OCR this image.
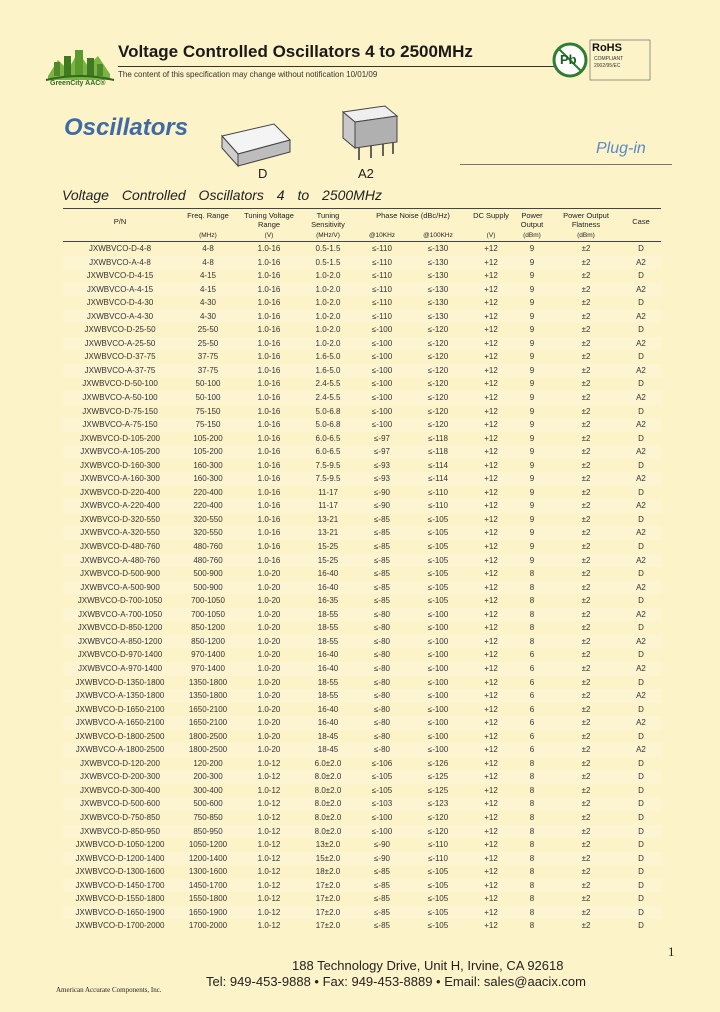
GreenCity AAC®
Voltage Controlled Oscillators 4 to 2500MHz
The content of this specification may change without notification 10/01/09
Pb
RoHS
COMPLIANT
2002/95/EC
Oscillators
D	A2
Plug-in
Voltage Controlled Oscillators 4 to 2500MHz
P/N
Freq. Range	Tuning Voltage Range
Tuning Sensitivity
Phase Noise (dBc/Hz)	DC Supply	Power Output
Power Output Flatness	Case
(MHz)	(V)	(MHz/V)	@10KHz	@100KHz	(V)	(dBm)	(dBm)
JXWBVCO-D-4-8	4-8	1.0-16	0.5-1.5	≤-110	≤-130	+12	9	±2	D
JXWBVCO-A-4-8	4-8	1.0-16	0.5-1.5	≤-110	≤-130	+12	9	±2	A2
JXWBVCO-D-4-15	4-15	1.0-16	1.0-2.0	≤-110	≤-130	+12	9	±2	D
JXWBVCO-A-4-15	4-15	1.0-16	1.0-2.0	≤-110	≤-130	+12	9	±2	A2
JXWBVCO-D-4-30	4-30	1.0-16	1.0-2.0	≤-110	≤-130	+12	9	±2	D
JXWBVCO-A-4-30	4-30	1.0-16	1.0-2.0	≤-110	≤-130	+12	9	±2	A2
JXWBVCO-D-25-50	25-50	1.0-16	1.0-2.0	≤-100	≤-120	+12	9	±2	D
JXWBVCO-A-25-50	25-50	1.0-16	1.0-2.0	≤-100	≤-120	+12	9	±2	A2
JXWBVCO-D-37-75	37-75	1.0-16	1.6-5.0	≤-100	≤-120	+12	9	±2	D
JXWBVCO-A-37-75	37-75	1.0-16	1.6-5.0	≤-100	≤-120	+12	9	±2	A2
JXWBVCO-D-50-100	50-100	1.0-16	2.4-5.5	≤-100	≤-120	+12	9	±2	D
JXWBVCO-A-50-100	50-100	1.0-16	2.4-5.5	≤-100	≤-120	+12	9	±2	A2
JXWBVCO-D-75-150	75-150	1.0-16	5.0-6.8	≤-100	≤-120	+12	9	±2	D
JXWBVCO-A-75-150	75-150	1.0-16	5.0-6.8	≤-100	≤-120	+12	9	±2	A2
JXWBVCO-D-105-200	105-200	1.0-16	6.0-6.5	≤-97	≤-118	+12	9	±2	D
JXWBVCO-A-105-200	105-200	1.0-16	6.0-6.5	≤-97	≤-118	+12	9	±2	A2
JXWBVCO-D-160-300	160-300	1.0-16	7.5-9.5	≤-93	≤-114	+12	9	±2	D
JXWBVCO-A-160-300	160-300	1.0-16	7.5-9.5	≤-93	≤-114	+12	9	±2	A2
JXWBVCO-D-220-400	220-400	1.0-16	11-17	≤-90	≤-110	+12	9	±2	D
JXWBVCO-A-220-400	220-400	1.0-16	11-17	≤-90	≤-110	+12	9	±2	A2
JXWBVCO-D-320-550	320-550	1.0-16	13-21	≤-85	≤-105	+12	9	±2	D
JXWBVCO-A-320-550	320-550	1.0-16	13-21	≤-85	≤-105	+12	9	±2	A2
JXWBVCO-D-480-760	480-760	1.0-16	15-25	≤-85	≤-105	+12	9	±2	D
JXWBVCO-A-480-760	480-760	1.0-16	15-25	≤-85	≤-105	+12	9	±2	A2
JXWBVCO-D-500-900	500-900	1.0-20	16-40	≤-85	≤-105	+12	8	±2	D
JXWBVCO-A-500-900	500-900	1.0-20	16-40	≤-85	≤-105	+12	8	±2	A2
JXWBVCO-D-700-1050	700-1050	1.0-20	16-35	≤-85	≤-105	+12	8	±2	D
JXWBVCO-A-700-1050	700-1050	1.0-20	18-55	≤-80	≤-100	+12	8	±2	A2
JXWBVCO-D-850-1200	850-1200	1.0-20	18-55	≤-80	≤-100	+12	8	±2	D
JXWBVCO-A-850-1200	850-1200	1.0-20	18-55	≤-80	≤-100	+12	8	±2	A2
JXWBVCO-D-970-1400	970-1400	1.0-20	16-40	≤-80	≤-100	+12	6	±2	D
JXWBVCO-A-970-1400	970-1400	1.0-20	16-40	≤-80	≤-100	+12	6	±2	A2
JXWBVCO-D-1350-1800	1350-1800	1.0-20	18-55	≤-80	≤-100	+12	6	±2	D
JXWBVCO-A-1350-1800	1350-1800	1.0-20	18-55	≤-80	≤-100	+12	6	±2	A2
JXWBVCO-D-1650-2100	1650-2100	1.0-20	16-40	≤-80	≤-100	+12	6	±2	D
JXWBVCO-A-1650-2100	1650-2100	1.0-20	16-40	≤-80	≤-100	+12	6	±2	A2
JXWBVCO-D-1800-2500	1800-2500	1.0-20	18-45	≤-80	≤-100	+12	6	±2	D
JXWBVCO-A-1800-2500	1800-2500	1.0-20	18-45	≤-80	≤-100	+12	6	±2	A2
JXWBVCO-D-120-200	120-200	1.0-12	6.0±2.0	≤-106	≤-126	+12	8	±2	D
JXWBVCO-D-200-300	200-300	1.0-12	8.0±2.0	≤-105	≤-125	+12	8	±2	D
JXWBVCO-D-300-400	300-400	1.0-12	8.0±2.0	≤-105	≤-125	+12	8	±2	D
JXWBVCO-D-500-600	500-600	1.0-12	8.0±2.0	≤-103	≤-123	+12	8	±2	D
JXWBVCO-D-750-850	750-850	1.0-12	8.0±2.0	≤-100	≤-120	+12	8	±2	D
JXWBVCO-D-850-950	850-950	1.0-12	8.0±2.0	≤-100	≤-120	+12	8	±2	D
JXWBVCO-D-1050-1200	1050-1200	1.0-12	13±2.0	≤-90	≤-110	+12	8	±2	D
JXWBVCO-D-1200-1400	1200-1400	1.0-12	15±2.0	≤-90	≤-110	+12	8	±2	D
JXWBVCO-D-1300-1600	1300-1600	1.0-12	18±2.0	≤-85	≤-105	+12	8	±2	D
JXWBVCO-D-1450-1700	1450-1700	1.0-12	17±2.0	≤-85	≤-105	+12	8	±2	D
JXWBVCO-D-1550-1800	1550-1800	1.0-12	17±2.0	≤-85	≤-105	+12	8	±2	D
JXWBVCO-D-1650-1900	1650-1900	1.0-12	17±2.0	≤-85	≤-105	+12	8	±2	D
JXWBVCO-D-1700-2000	1700-2000	1.0-12	17±2.0	≤-85	≤-105	+12	8	±2	D
1
188 Technology Drive, Unit H, Irvine, CA 92618
Tel: 949-453-9888 • Fax: 949-453-8889 • Email: sales@aacix.com
American Accurate Components, Inc.
